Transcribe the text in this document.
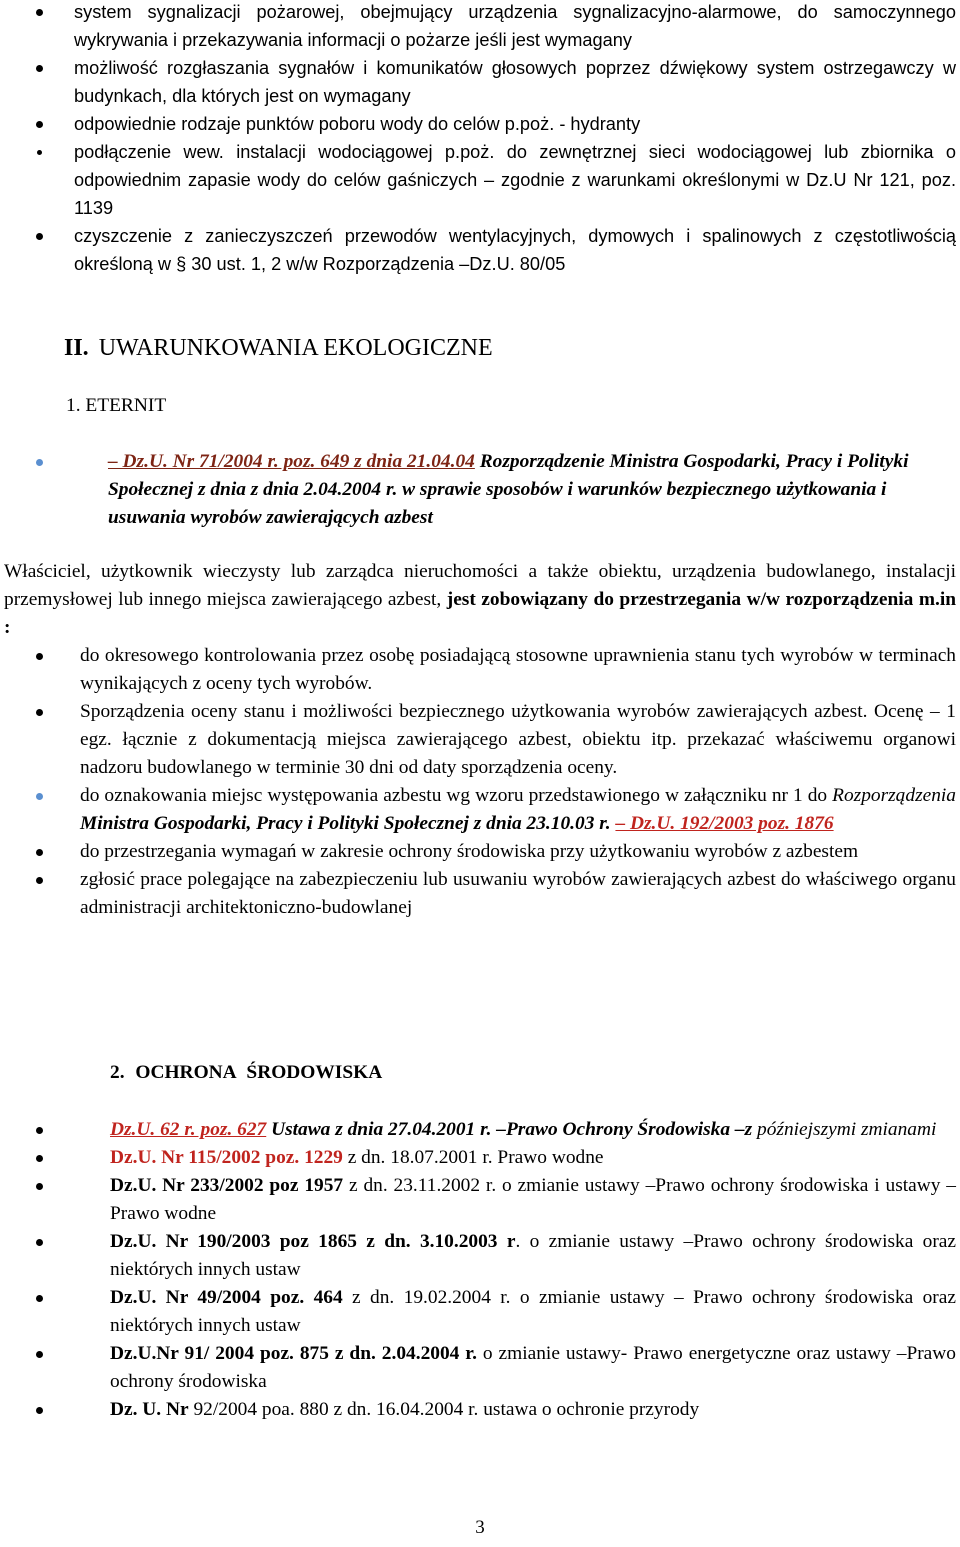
system sygnalizacji pożarowej, obejmujący urządzenia sygnalizacyjno-alarmowe, do samoczynnego wykrywania i przekazywania informacji o pożarze jeśli jest wymagany
możliwość rozgłaszania sygnałów i komunikatów głosowych poprzez dźwiękowy system ostrzegawczy w budynkach, dla których jest on wymagany
odpowiednie rodzaje punktów poboru wody do celów p.poż. - hydranty
podłączenie wew. instalacji wodociągowej p.poż. do zewnętrznej sieci wodociągowej lub zbiornika o odpowiednim zapasie wody do celów gaśniczych – zgodnie z warunkami określonymi w Dz.U Nr 121, poz. 1139
czyszczenie z zanieczyszczeń przewodów wentylacyjnych, dymowych i spalinowych z częstotliwością określoną w § 30 ust. 1, 2 w/w Rozporządzenia –Dz.U. 80/05
II. UWARUNKOWANIA EKOLOGICZNE
1. ETERNIT
– Dz.U. Nr 71/2004 r. poz. 649 z dnia 21.04.04 Rozporządzenie Ministra Gospodarki, Pracy i Polityki Społecznej z dnia z dnia 2.04.2004 r. w sprawie sposobów i warunków bezpiecznego użytkowania i usuwania wyrobów zawierających azbest
Właściciel, użytkownik wieczysty lub zarządca nieruchomości a także obiektu, urządzenia budowlanego, instalacji przemysłowej lub innego miejsca zawierającego azbest, jest zobowiązany do przestrzegania w/w rozporządzenia m.in :
do okresowego kontrolowania przez osobę posiadającą stosowne uprawnienia stanu tych wyrobów w terminach wynikających z oceny tych wyrobów.
Sporządzenia oceny stanu i możliwości bezpiecznego użytkowania wyrobów zawierających azbest. Ocenę – 1 egz. łącznie z dokumentacją miejsca zawierającego azbest, obiektu itp. przekazać właściwemu organowi nadzoru budowlanego w terminie 30 dni od daty sporządzenia oceny.
do oznakowania miejsc występowania azbestu wg wzoru przedstawionego w załączniku nr 1 do Rozporządzenia Ministra Gospodarki, Pracy i Polityki Społecznej z dnia 23.10.03 r. – Dz.U. 192/2003 poz. 1876
do przestrzegania wymagań w zakresie ochrony środowiska przy użytkowaniu wyrobów z azbestem
zgłosić prace polegające na zabezpieczeniu lub usuwaniu wyrobów zawierających azbest do właściwego organu administracji architektoniczno-budowlanej
2. OCHRONA ŚRODOWISKA
Dz.U. 62 r. poz. 627 Ustawa z dnia 27.04.2001 r. –Prawo Ochrony Środowiska –z późniejszymi zmianami
Dz.U. Nr 115/2002 poz. 1229 z dn. 18.07.2001 r. Prawo wodne
Dz.U. Nr 233/2002 poz 1957 z dn. 23.11.2002 r. o zmianie ustawy –Prawo ochrony środowiska i ustawy – Prawo wodne
Dz.U. Nr 190/2003 poz 1865 z dn. 3.10.2003 r. o zmianie ustawy –Prawo ochrony środowiska oraz niektórych innych ustaw
Dz.U. Nr 49/2004 poz. 464 z dn. 19.02.2004 r. o zmianie ustawy – Prawo ochrony środowiska oraz niektórych innych ustaw
Dz.U.Nr 91/ 2004 poz. 875 z dn. 2.04.2004 r. o zmianie ustawy- Prawo energetyczne oraz ustawy –Prawo ochrony środowiska
Dz. U. Nr 92/2004 poa. 880 z dn. 16.04.2004 r. ustawa o ochronie przyrody
3
